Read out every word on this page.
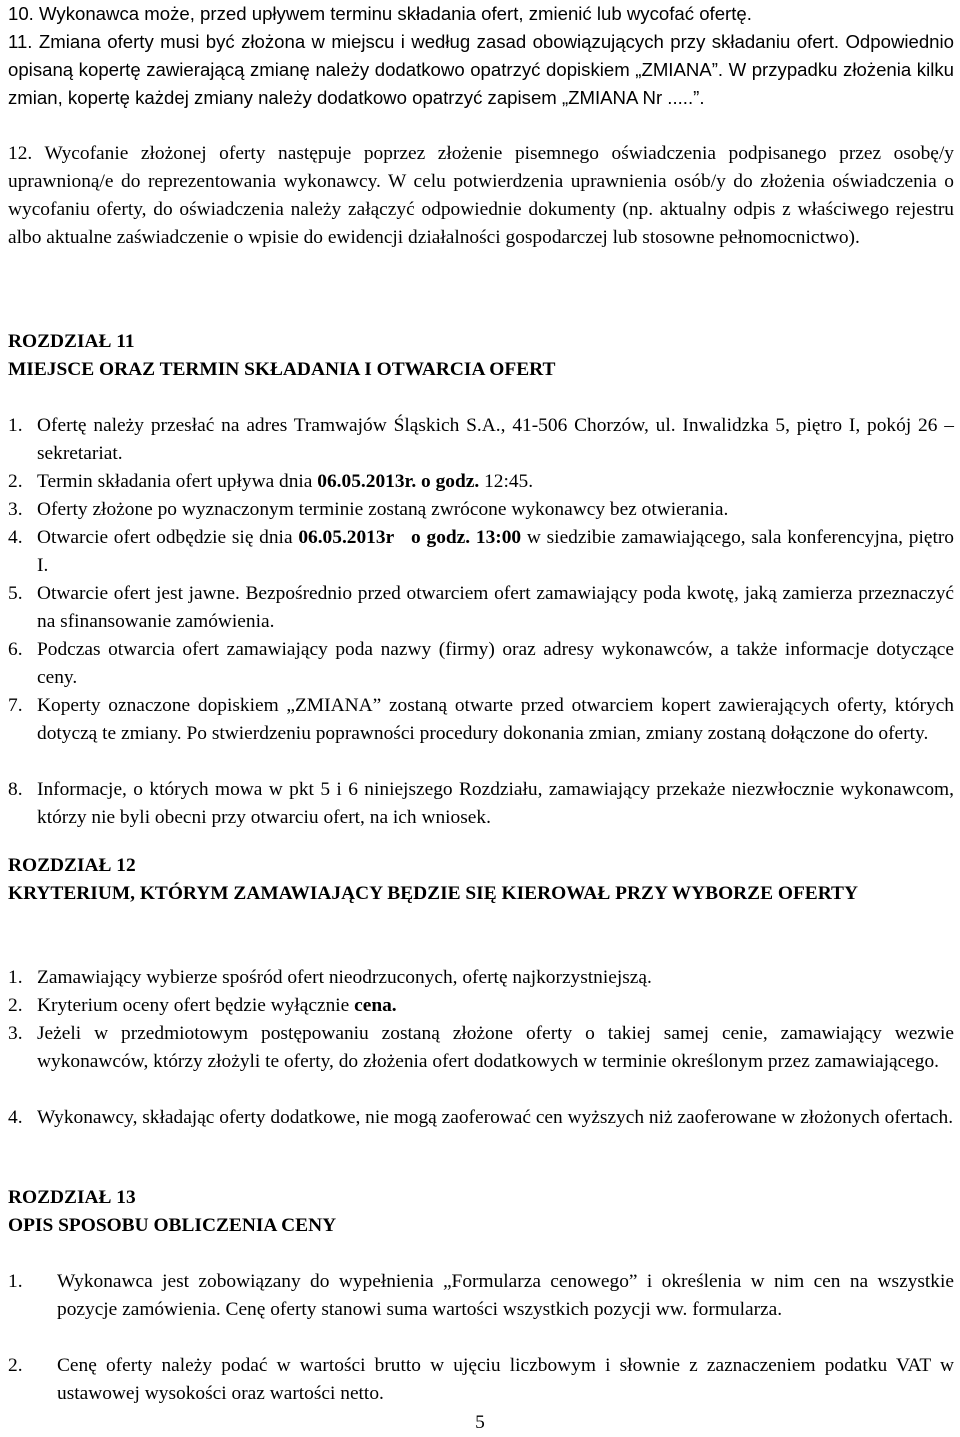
10. Wykonawca może, przed upływem terminu składania ofert, zmienić lub wycofać ofertę.
11. Zmiana oferty musi być złożona w miejscu i według zasad obowiązujących przy składaniu ofert. Odpowiednio opisaną kopertę zawierającą zmianę należy dodatkowo opatrzyć dopiskiem „ZMIANA”. W przypadku złożenia kilku zmian, kopertę każdej zmiany należy dodatkowo opatrzyć zapisem „ZMIANA Nr .....”.
12. Wycofanie złożonej oferty następuje poprzez złożenie pisemnego oświadczenia podpisanego przez osobę/y uprawnioną/e do reprezentowania wykonawcy. W celu potwierdzenia uprawnienia osób/y do złożenia oświadczenia o wycofaniu oferty, do oświadczenia należy załączyć odpowiednie dokumenty (np. aktualny odpis z właściwego rejestru albo aktualne zaświadczenie o wpisie do ewidencji działalności gospodarczej lub stosowne pełnomocnictwo).
ROZDZIAŁ 11
MIEJSCE ORAZ TERMIN SKŁADANIA I OTWARCIA OFERT
1. Ofertę należy przesłać na adres Tramwajów Śląskich S.A., 41-506 Chorzów, ul. Inwalidzka 5, piętro I, pokój 26 – sekretariat.
2. Termin składania ofert upływa dnia 06.05.2013r. o godz. 12:45.
3. Oferty złożone po wyznaczonym terminie zostaną zwrócone wykonawcy bez otwierania.
4. Otwarcie ofert odbędzie się dnia 06.05.2013r   o godz. 13:00 w siedzibie zamawiającego, sala konferencyjna, piętro I.
5. Otwarcie ofert jest jawne. Bezpośrednio przed otwarciem ofert zamawiający poda kwotę, jaką zamierza przeznaczyć na sfinansowanie zamówienia.
6. Podczas otwarcia ofert zamawiający poda nazwy (firmy) oraz adresy wykonawców, a także informacje dotyczące ceny.
7. Koperty oznaczone dopiskiem „ZMIANA” zostaną otwarte przed otwarciem kopert zawierających oferty, których dotyczą te zmiany. Po stwierdzeniu poprawności procedury dokonania zmian, zmiany zostaną dołączone do oferty.
8. Informacje, o których mowa w pkt 5 i 6 niniejszego Rozdziału, zamawiający przekaże niezwłocznie wykonawcom, którzy nie byli obecni przy otwarciu ofert, na ich wniosek.
ROZDZIAŁ 12
KRYTERIUM, KTÓRYM ZAMAWIAJĄCY BĘDZIE SIĘ KIEROWAŁ PRZY WYBORZE OFERTY
1. Zamawiający wybierze spośród ofert nieodrzuconych, ofertę najkorzystniejszą.
2. Kryterium oceny ofert będzie wyłącznie cena.
3. Jeżeli w przedmiotowym postępowaniu zostaną złożone oferty o takiej samej cenie, zamawiający wezwie wykonawców, którzy złożyli te oferty, do złożenia ofert dodatkowych w terminie określonym przez zamawiającego.
4. Wykonawcy, składając oferty dodatkowe, nie mogą zaoferować cen wyższych niż zaoferowane w złożonych ofertach.
ROZDZIAŁ 13
OPIS SPOSOBU OBLICZENIA CENY
1. Wykonawca jest zobowiązany do wypełnienia „Formularza cenowego” i określenia w nim cen na wszystkie pozycje zamówienia. Cenę oferty stanowi suma wartości wszystkich pozycji ww. formularza.
2. Cenę oferty należy podać w wartości brutto w ujęciu liczbowym i słownie z zaznaczeniem podatku VAT w ustawowej wysokości oraz wartości netto.
5
